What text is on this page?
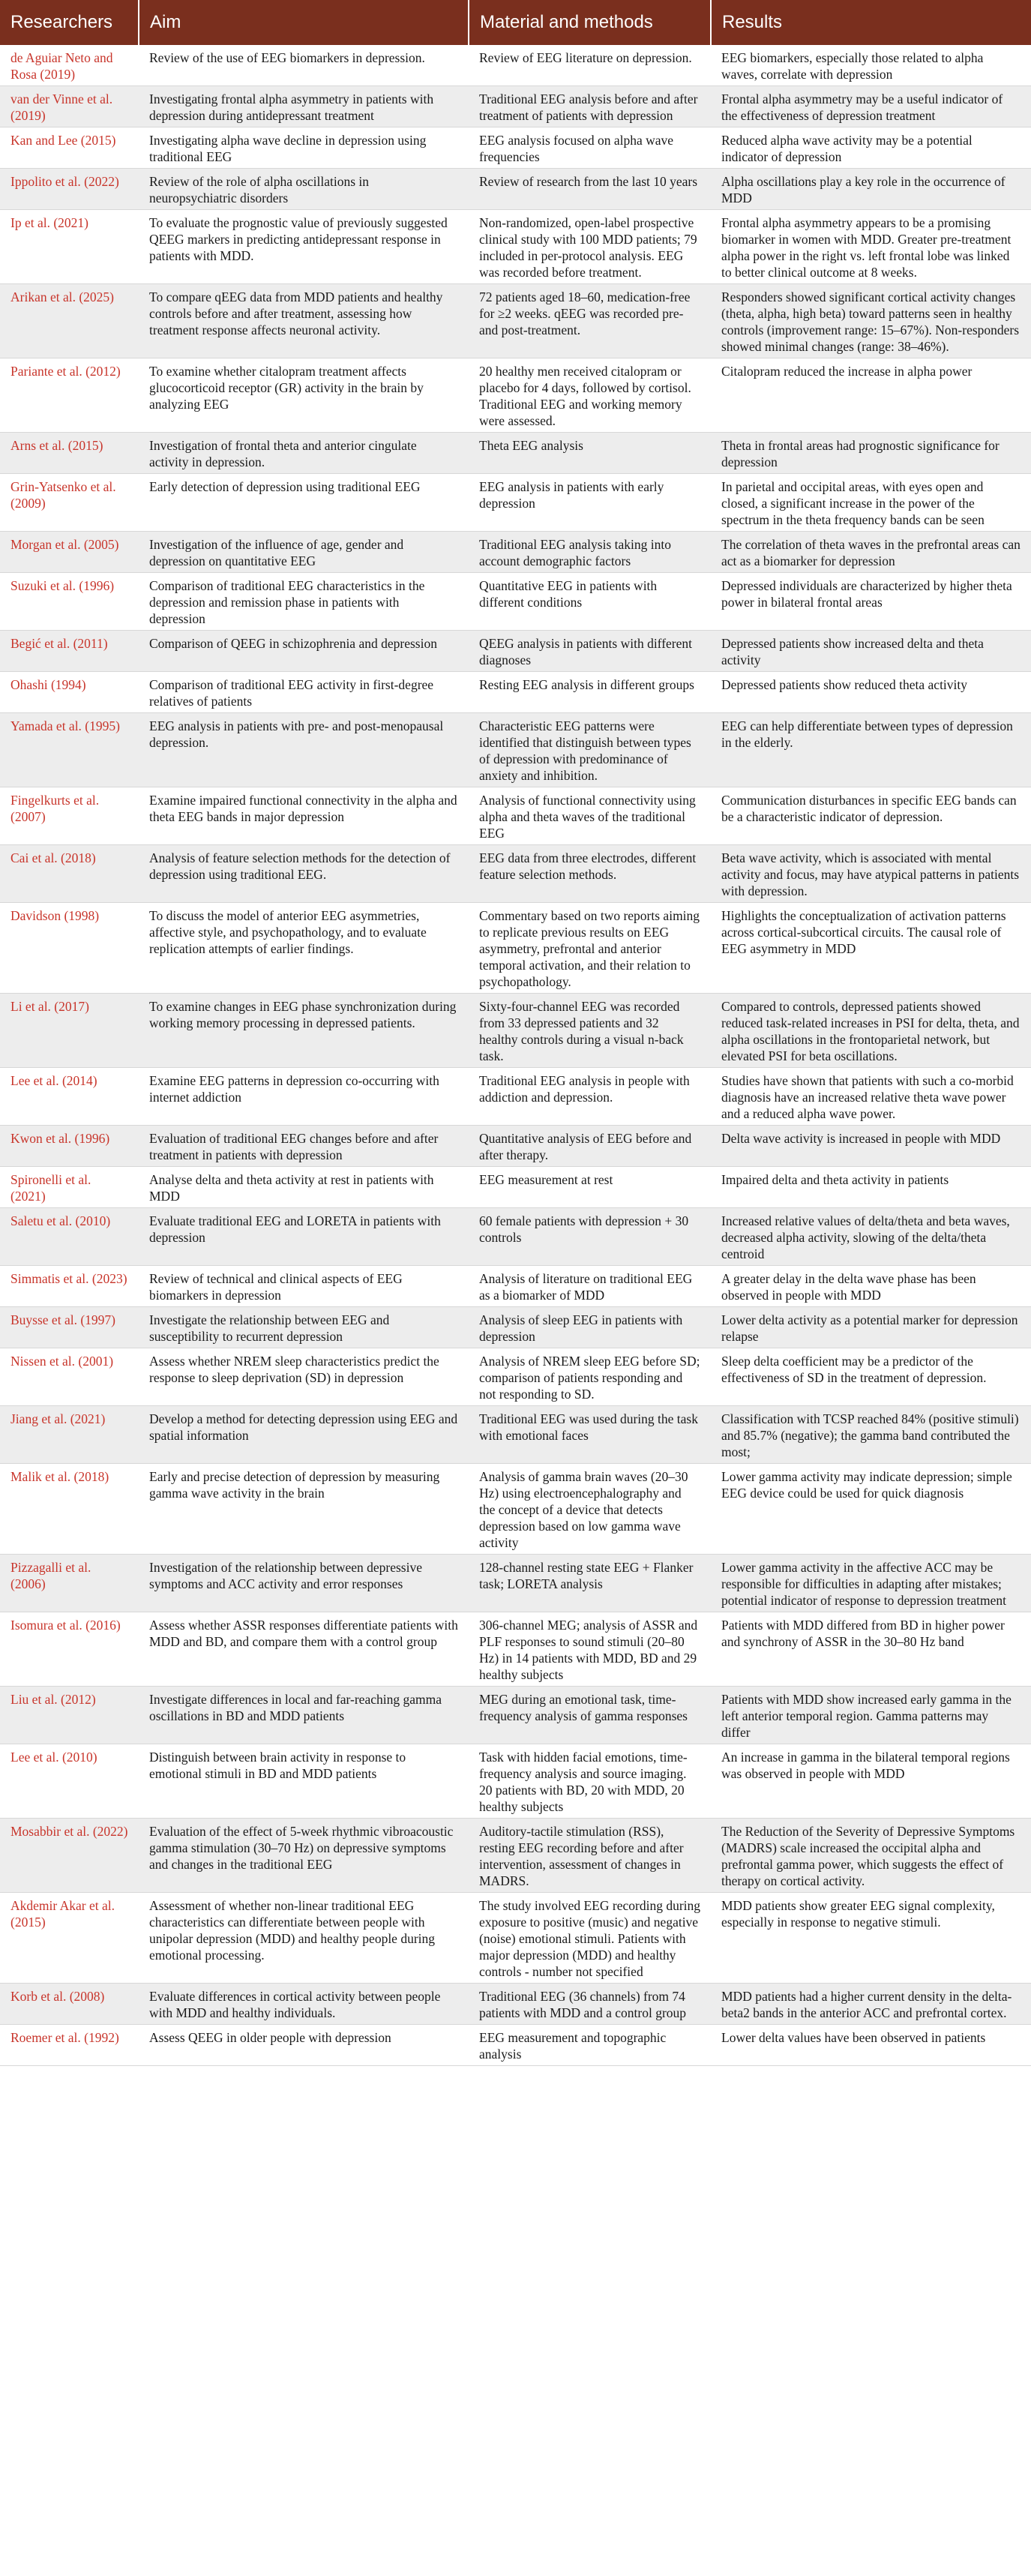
Researchers	Aim	Material and methods	Results
de Aguiar Neto and Rosa (2019)	Review of the use of EEG biomarkers in depression.	Review of EEG literature on depression.	EEG biomarkers, especially those related to alpha waves, correlate with depression
van der Vinne et al. (2019)	Investigating frontal alpha asymmetry in patients with depression during antidepressant treatment	Traditional EEG analysis before and after treatment of patients with depression	Frontal alpha asymmetry may be a useful indicator of the effectiveness of depression treatment
Kan and Lee (2015)	Investigating alpha wave decline in depression using traditional EEG	EEG analysis focused on alpha wave frequencies	Reduced alpha wave activity may be a potential indicator of depression
Ippolito et al. (2022)	Review of the role of alpha oscillations in neuropsychiatric disorders	Review of research from the last 10 years	Alpha oscillations play a key role in the occurrence of MDD
Ip et al. (2021)	To evaluate the prognostic value of previously suggested QEEG markers in predicting antidepressant response in patients with MDD.	Non-randomized, open-label prospective clinical study with 100 MDD patients; 79 included in per-protocol analysis. EEG was recorded before treatment.	Frontal alpha asymmetry appears to be a promising biomarker in women with MDD. Greater pre-treatment alpha power in the right vs. left frontal lobe was linked to better clinical outcome at 8 weeks.
Arikan et al. (2025)	To compare qEEG data from MDD patients and healthy controls before and after treatment, assessing how treatment response affects neuronal activity.	72 patients aged 18–60, medication-free for ≥2 weeks. qEEG was recorded pre- and post-treatment.	Responders showed significant cortical activity changes (theta, alpha, high beta) toward patterns seen in healthy controls (improvement range: 15–67%). Non-responders showed minimal changes (range: 38–46%).
Pariante et al. (2012)	To examine whether citalopram treatment affects glucocorticoid receptor (GR) activity in the brain by analyzing EEG	20 healthy men received citalopram or placebo for 4 days, followed by cortisol. Traditional EEG and working memory were assessed.	Citalopram reduced the increase in alpha power
Arns et al. (2015)	Investigation of frontal theta and anterior cingulate activity in depression.	Theta EEG analysis	Theta in frontal areas had prognostic significance for depression
Grin-Yatsenko et al. (2009)	Early detection of depression using traditional EEG	EEG analysis in patients with early depression	In parietal and occipital areas, with eyes open and closed, a significant increase in the power of the spectrum in the theta frequency bands can be seen
Morgan et al. (2005)	Investigation of the influence of age, gender and depression on quantitative EEG	Traditional EEG analysis taking into account demographic factors	The correlation of theta waves in the prefrontal areas can act as a biomarker for depression
Suzuki et al. (1996)	Comparison of traditional EEG characteristics in the depression and remission phase in patients with depression	Quantitative EEG in patients with different conditions	Depressed individuals are characterized by higher theta power in bilateral frontal areas
Begić et al. (2011)	Comparison of QEEG in schizophrenia and depression	QEEG analysis in patients with different diagnoses	Depressed patients show increased delta and theta activity
Ohashi (1994)	Comparison of traditional EEG activity in first-degree relatives of patients	Resting EEG analysis in different groups	Depressed patients show reduced theta activity
Yamada et al. (1995)	EEG analysis in patients with pre- and post-menopausal depression.	Characteristic EEG patterns were identified that distinguish between types of depression with predominance of anxiety and inhibition.	EEG can help differentiate between types of depression in the elderly.
Fingelkurts et al. (2007)	Examine impaired functional connectivity in the alpha and theta EEG bands in major depression	Analysis of functional connectivity using alpha and theta waves of the traditional EEG	Communication disturbances in specific EEG bands can be a characteristic indicator of depression.
Cai et al. (2018)	Analysis of feature selection methods for the detection of depression using traditional EEG.	EEG data from three electrodes, different feature selection methods.	Beta wave activity, which is associated with mental activity and focus, may have atypical patterns in patients with depression.
Davidson (1998)	To discuss the model of anterior EEG asymmetries, affective style, and psychopathology, and to evaluate replication attempts of earlier findings.	Commentary based on two reports aiming to replicate previous results on EEG asymmetry, prefrontal and anterior temporal activation, and their relation to psychopathology.	Highlights the conceptualization of activation patterns across cortical-subcortical circuits. The causal role of EEG asymmetry in MDD
Li et al. (2017)	To examine changes in EEG phase synchronization during working memory processing in depressed patients.	Sixty-four-channel EEG was recorded from 33 depressed patients and 32 healthy controls during a visual n-back task.	Compared to controls, depressed patients showed reduced task-related increases in PSI for delta, theta, and alpha oscillations in the frontoparietal network, but elevated PSI for beta oscillations.
Lee et al. (2014)	Examine EEG patterns in depression co-occurring with internet addiction	Traditional EEG analysis in people with addiction and depression.	Studies have shown that patients with such a co-morbid diagnosis have an increased relative theta wave power and a reduced alpha wave power.
Kwon et al. (1996)	Evaluation of traditional EEG changes before and after treatment in patients with depression	Quantitative analysis of EEG before and after therapy.	Delta wave activity is increased in people with MDD
Spironelli et al. (2021)	Analyse delta and theta activity at rest in patients with MDD	EEG measurement at rest	Impaired delta and theta activity in patients
Saletu et al. (2010)	Evaluate traditional EEG and LORETA in patients with depression	60 female patients with depression + 30 controls	Increased relative values of delta/theta and beta waves, decreased alpha activity, slowing of the delta/theta centroid
Simmatis et al. (2023)	Review of technical and clinical aspects of EEG biomarkers in depression	Analysis of literature on traditional EEG as a biomarker of MDD	A greater delay in the delta wave phase has been observed in people with MDD
Buysse et al. (1997)	Investigate the relationship between EEG and susceptibility to recurrent depression	Analysis of sleep EEG in patients with depression	Lower delta activity as a potential marker for depression relapse
Nissen et al. (2001)	Assess whether NREM sleep characteristics predict the response to sleep deprivation (SD) in depression	Analysis of NREM sleep EEG before SD; comparison of patients responding and not responding to SD.	Sleep delta coefficient may be a predictor of the effectiveness of SD in the treatment of depression.
Jiang et al. (2021)	Develop a method for detecting depression using EEG and spatial information	Traditional EEG was used during the task with emotional faces	Classification with TCSP reached 84% (positive stimuli) and 85.7% (negative); the gamma band contributed the most;
Malik et al. (2018)	Early and precise detection of depression by measuring gamma wave activity in the brain	Analysis of gamma brain waves (20–30 Hz) using electroencephalography and the concept of a device that detects depression based on low gamma wave activity	Lower gamma activity may indicate depression; simple EEG device could be used for quick diagnosis
Pizzagalli et al. (2006)	Investigation of the relationship between depressive symptoms and ACC activity and error responses	128-channel resting state EEG + Flanker task; LORETA analysis	Lower gamma activity in the affective ACC may be responsible for difficulties in adapting after mistakes; potential indicator of response to depression treatment
Isomura et al. (2016)	Assess whether ASSR responses differentiate patients with MDD and BD, and compare them with a control group	306-channel MEG; analysis of ASSR and PLF responses to sound stimuli (20–80 Hz) in 14 patients with MDD, BD and 29 healthy subjects	Patients with MDD differed from BD in higher power and synchrony of ASSR in the 30–80 Hz band
Liu et al. (2012)	Investigate differences in local and far-reaching gamma oscillations in BD and MDD patients	MEG during an emotional task, time-frequency analysis of gamma responses	Patients with MDD show increased early gamma in the left anterior temporal region. Gamma patterns may differ
Lee et al. (2010)	Distinguish between brain activity in response to emotional stimuli in BD and MDD patients	Task with hidden facial emotions, time-frequency analysis and source imaging. 20 patients with BD, 20 with MDD, 20 healthy subjects	An increase in gamma in the bilateral temporal regions was observed in people with MDD
Mosabbir et al. (2022)	Evaluation of the effect of 5-week rhythmic vibroacoustic gamma stimulation (30–70 Hz) on depressive symptoms and changes in the traditional EEG	Auditory-tactile stimulation (RSS), resting EEG recording before and after intervention, assessment of changes in MADRS.	The Reduction of the Severity of Depressive Symptoms (MADRS) scale increased the occipital alpha and prefrontal gamma power, which suggests the effect of therapy on cortical activity.
Akdemir Akar et al. (2015)	Assessment of whether non-linear traditional EEG characteristics can differentiate between people with unipolar depression (MDD) and healthy people during emotional processing.	The study involved EEG recording during exposure to positive (music) and negative (noise) emotional stimuli. Patients with major depression (MDD) and healthy controls - number not specified	MDD patients show greater EEG signal complexity, especially in response to negative stimuli.
Korb et al. (2008)	Evaluate differences in cortical activity between people with MDD and healthy individuals.	Traditional EEG (36 channels) from 74 patients with MDD and a control group	MDD patients had a higher current density in the delta-beta2 bands in the anterior ACC and prefrontal cortex.
Roemer et al. (1992)	Assess QEEG in older people with depression	EEG measurement and topographic analysis	Lower delta values have been observed in patients
